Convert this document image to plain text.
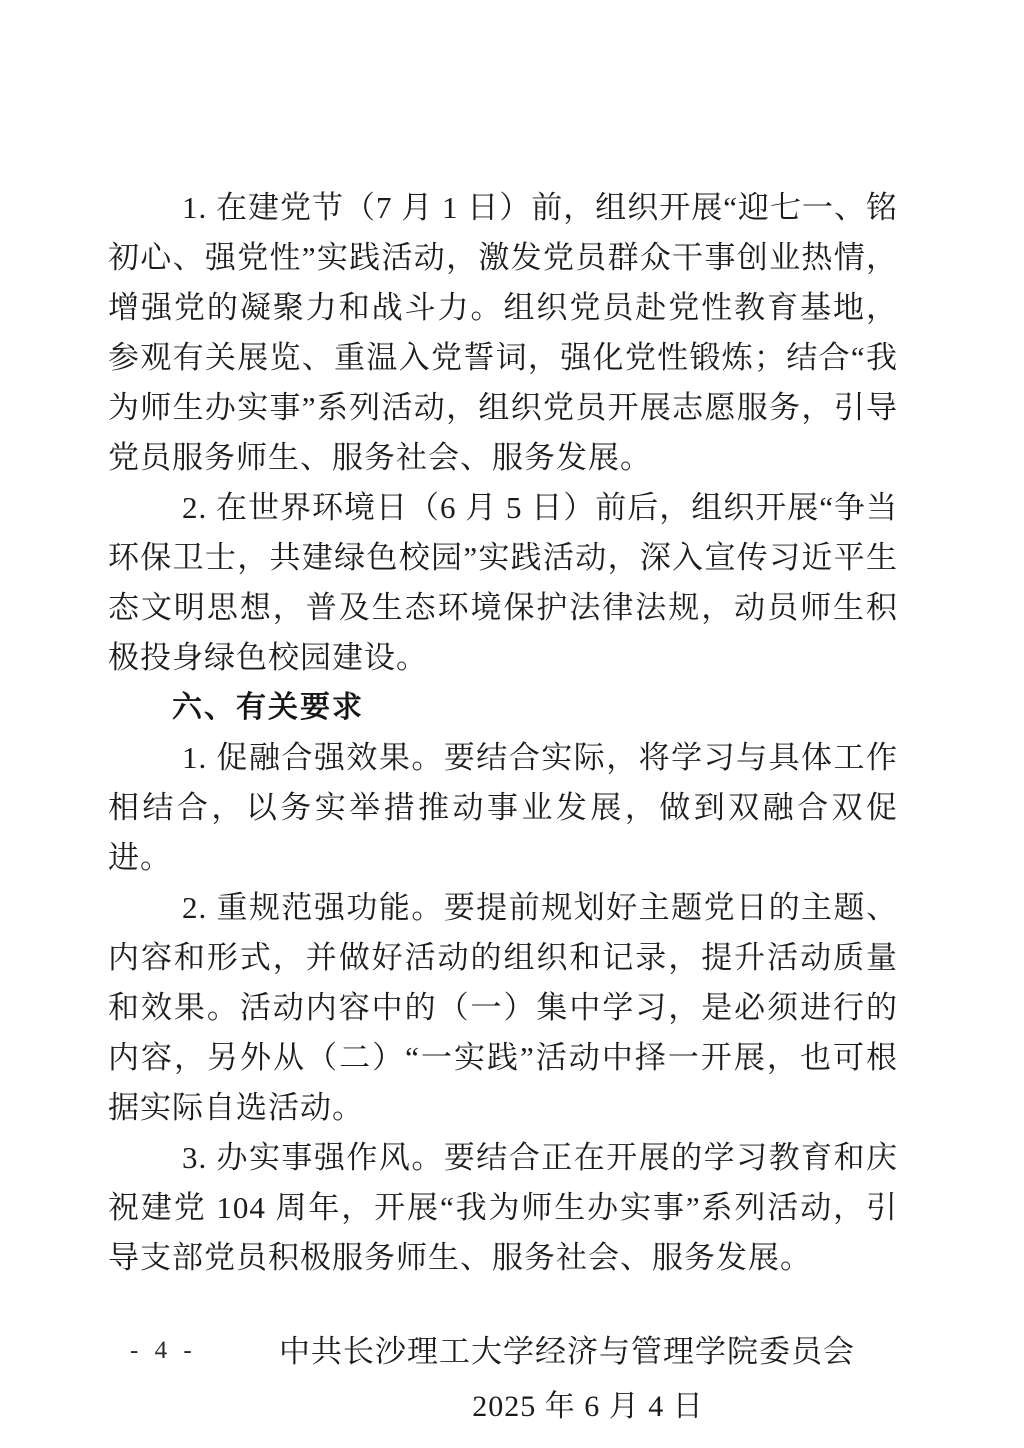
1. 在建党节（7 月 1 日）前，组织开展“迎七一、铭初心、强党性”实践活动，激发党员群众干事创业热情，增强党的凝聚力和战斗力。组织党员赴党性教育基地，参观有关展览、重温入党誓词，强化党性锻炼；结合“我为师生办实事”系列活动，组织党员开展志愿服务，引导党员服务师生、服务社会、服务发展。

2. 在世界环境日（6 月 5 日）前后，组织开展“争当环保卫士，共建绿色校园”实践活动，深入宣传习近平生态文明思想，普及生态环境保护法律法规，动员师生积极投身绿色校园建设。

六、有关要求

1. 促融合强效果。要结合实际，将学习与具体工作相结合，以务实举措推动事业发展，做到双融合双促进。

2. 重规范强功能。要提前规划好主题党日的主题、内容和形式，并做好活动的组织和记录，提升活动质量和效果。活动内容中的（一）集中学习，是必须进行的内容，另外从（二）“一实践”活动中择一开展，也可根据实际自选活动。

3. 办实事强作风。要结合正在开展的学习教育和庆祝建党 104 周年，开展“我为师生办实事”系列活动，引导支部党员积极服务师生、服务社会、服务发展。

中共长沙理工大学经济与管理学院委员会
2025 年 6 月 4 日
- 4 -
